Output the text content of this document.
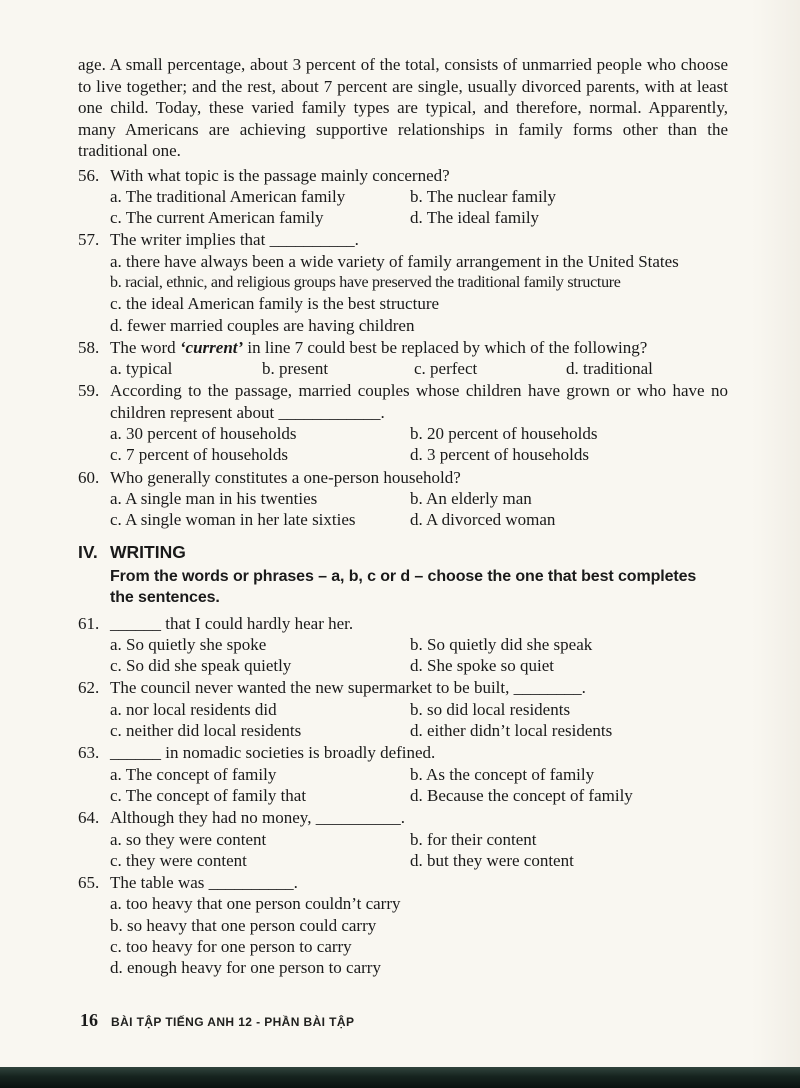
age. A small percentage, about 3 percent of the total, consists of unmarried people who choose to live together; and the rest, about 7 percent are single, usually divorced parents, with at least one child. Today, these varied family types are typical, and therefore, normal. Apparently, many Americans are achieving supportive relationships in family forms other than the traditional one.

56. With what topic is the passage mainly concerned?
a. The traditional American family	b. The nuclear family
c. The current American family	d. The ideal family
57. The writer implies that __________.
a. there have always been a wide variety of family arrangement in the United States
b. racial, ethnic, and religious groups have preserved the traditional family structure
c. the ideal American family is the best structure
d. fewer married couples are having children
58. The word ‘current’ in line 7 could best be replaced by which of the following?
a. typical	b. present	c. perfect	d. traditional
59. According to the passage, married couples whose children have grown or who have no children represent about ____________.
a. 30 percent of households	b. 20 percent of households
c. 7 percent of households	d. 3 percent of households
60. Who generally constitutes a one-person household?
a. A single man in his twenties	b. An elderly man
c. A single woman in her late sixties	d. A divorced woman
IV. WRITING
From the words or phrases – a, b, c or d – choose the one that best completes the sentences.
61. ______ that I could hardly hear her.
a. So quietly she spoke	b. So quietly did she speak
c. So did she speak quietly	d. She spoke so quiet
62. The council never wanted the new supermarket to be built, ________.
a. nor local residents did	b. so did local residents
c. neither did local residents	d. either didn’t local residents
63. ______ in nomadic societies is broadly defined.
a. The concept of family	b. As the concept of family
c. The concept of family that	d. Because the concept of family
64. Although they had no money, __________.
a. so they were content	b. for their content
c. they were content	d. but they were content
65. The table was __________.
a. too heavy that one person couldn’t carry
b. so heavy that one person could carry
c. too heavy for one person to carry
d. enough heavy for one person to carry
16 BÀI TẬP TIẾNG ANH 12 - PHẦN BÀI TẬP
